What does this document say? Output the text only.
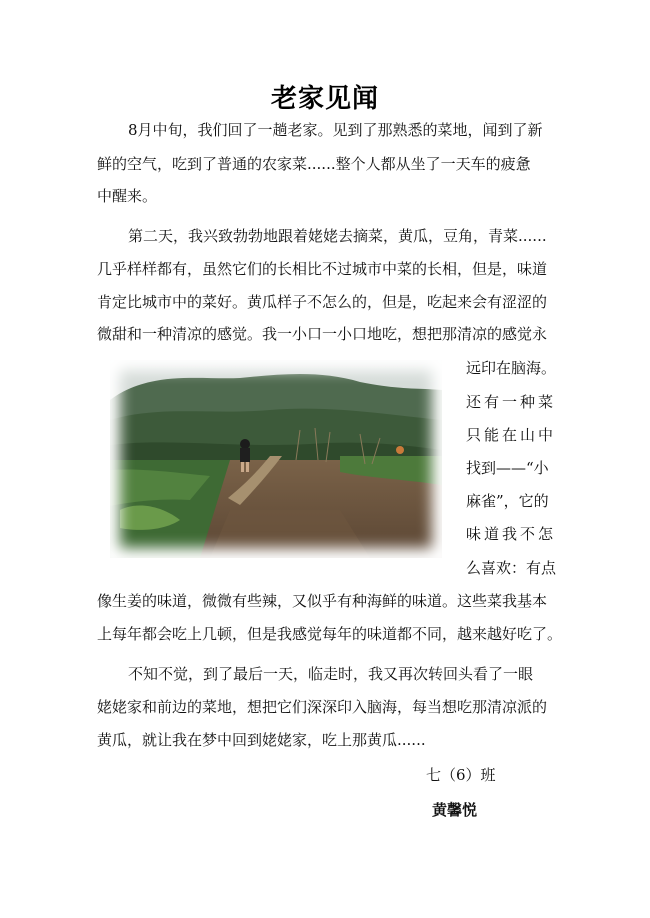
老家见闻
8月中旬，我们回了一趟老家。见到了那熟悉的菜地，闻到了新
鲜的空气，吃到了普通的农家菜......整个人都从坐了一天车的疲惫
中醒来。
第二天，我兴致勃勃地跟着姥姥去摘菜，黄瓜，豆角，青菜......
几乎样样都有，虽然它们的长相比不过城市中菜的长相，但是，味道
肯定比城市中的菜好。黄瓜样子不怎么的，但是，吃起来会有涩涩的
微甜和一种清凉的感觉。我一小口一小口地吃，想把那清凉的感觉永
远印在脑海。
还有一种菜
只能在山中
找到——“小
麻雀”，它的
味道我不怎
么喜欢：有点
像生姜的味道，微微有些辣，又似乎有种海鲜的味道。这些菜我基本
上每年都会吃上几顿，但是我感觉每年的味道都不同，越来越好吃了。
不知不觉，到了最后一天，临走时，我又再次转回头看了一眼
姥姥家和前边的菜地，想把它们深深印入脑海，每当想吃那清凉派的
黄瓜，就让我在梦中回到姥姥家，吃上那黄瓜......
七（6）班
黄馨悦
